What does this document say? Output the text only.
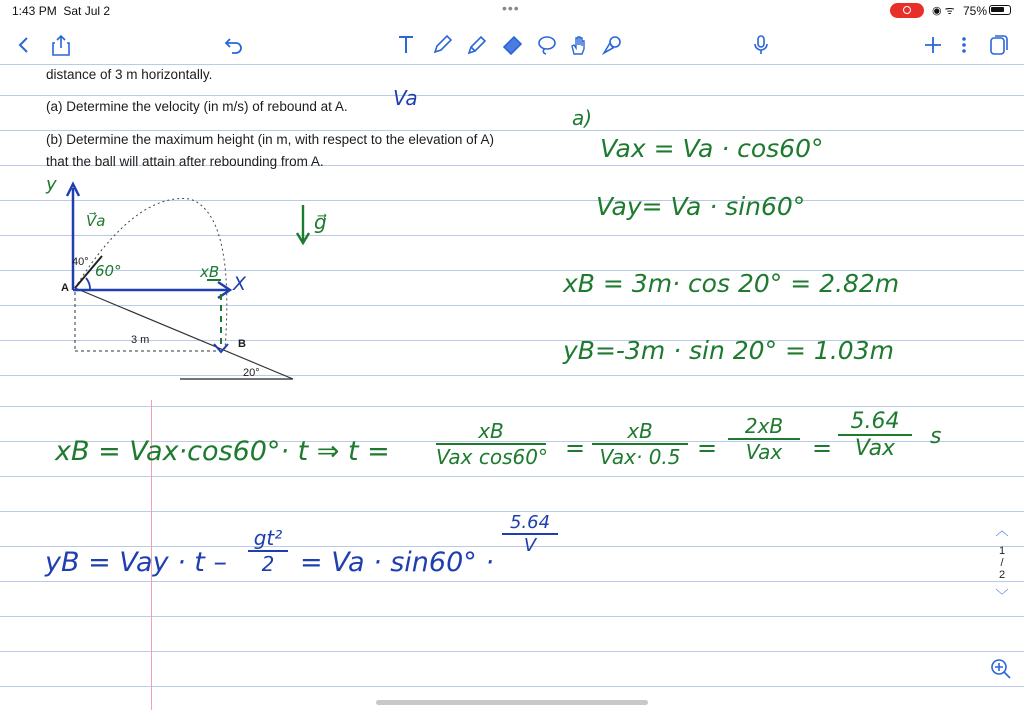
1:43 PM Sat Jul 2	•••	◉ ᯤ 75%
distance of 3 m horizontally.
(a) Determine the velocity (in m/s) of rebound at A.
(b) Determine the maximum height (in m, with respect to the elevation of A)
that the ball will attain after rebounding from A.
y
V⃗a
40° 60°
A
xB
X
3 m	B
20°
g⃗
Va
a)
Vax = Va · cos60°
Vay= Va · sin60°
xB = 3m· cos 20° = 2.82m
yB=-3m · sin 20° = 1.03m
xB = Vax·cos60°· t ⇒ t =
xB
Vax cos60° =
xB
Vax· 0.5 =
2xB
Vax	=
5.64
Vax	s
yB = Vay · $t - \frac{\text{gt²}}{2} = Va \cdot \sin 60^\circ$ ·
$\frac{5.64}{V}$	︿
1
/
2
﹀
